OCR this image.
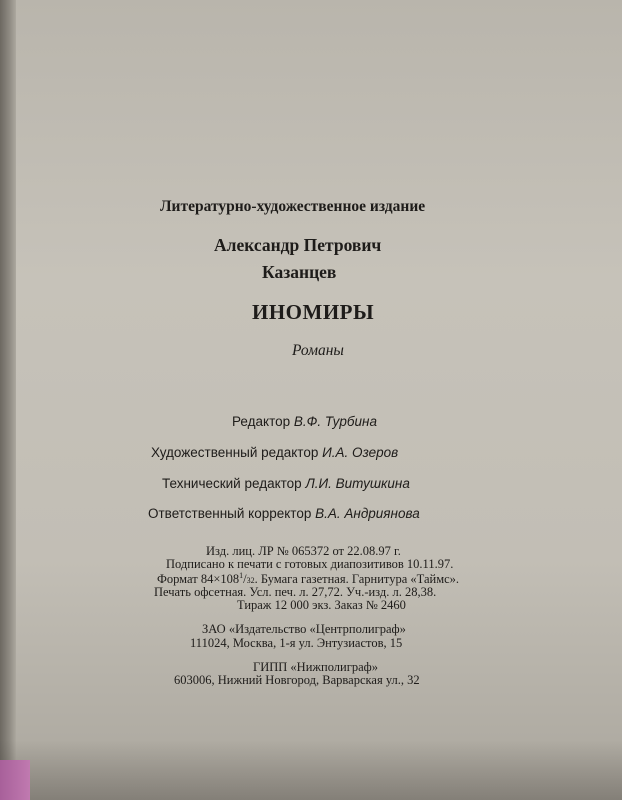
Литературно-художественное издание

Александр Петрович

Казанцев

ИНОМИРЫ

Романы

Редактор В.Ф. Турбина

Художественный редактор И.А. Озеров

Технический редактор Л.И. Витушкина

Ответственный корректор В.А. Андриянова

Изд. лиц. ЛР № 065372 от 22.08.97 г.

Подписано к печати с готовых диапозитивов 10.11.97.

Формат $84\times 108^1/32$. Бумага газетная. Гарнитура «Таймс».

Печать офсетная. Усл. печ. л. 27,72. Уч.-изд. л. 28,38.

Тираж 12 000 экз. Заказ № 2460

ЗАО «Издательство «Центрполиграф»

111024, Москва, 1-я ул. Энтузиастов, 15

ГИПП «Нижполиграф»

603006, Нижний Новгород, Варварская ул., 32
